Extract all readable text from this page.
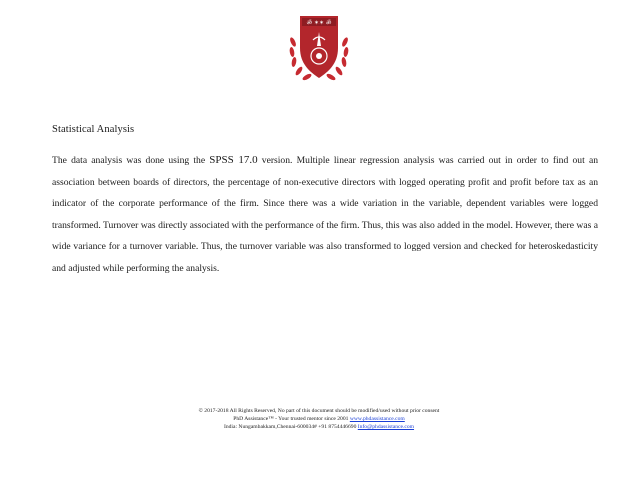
ॐ ✶✶ ॐ
Statistical Analysis
The data analysis was done using the SPSS 17.0 version. Multiple linear regression analysis was carried out in order to find out an association between boards of directors, the percentage of non-executive directors with logged operating profit and profit before tax as an indicator of the corporate performance of the firm. Since there was a wide variation in the variable, dependent variables were logged transformed. Turnover was directly associated with the performance of the firm. Thus, this was also added in the model. However, there was a wide variance for a turnover variable. Thus, the turnover variable was also transformed to logged version and checked for heteroskedasticity and adjusted while performing the analysis.
© 2017-2018 All Rights Reserved, No part of this document should be modified/used without prior consent
PhD Assistance™ - Your trusted mentor since 2001 www.phdassistance.com
India: Nungambakkam,Chennai-600034# +91 8754446690 Info@phdassistance.com
